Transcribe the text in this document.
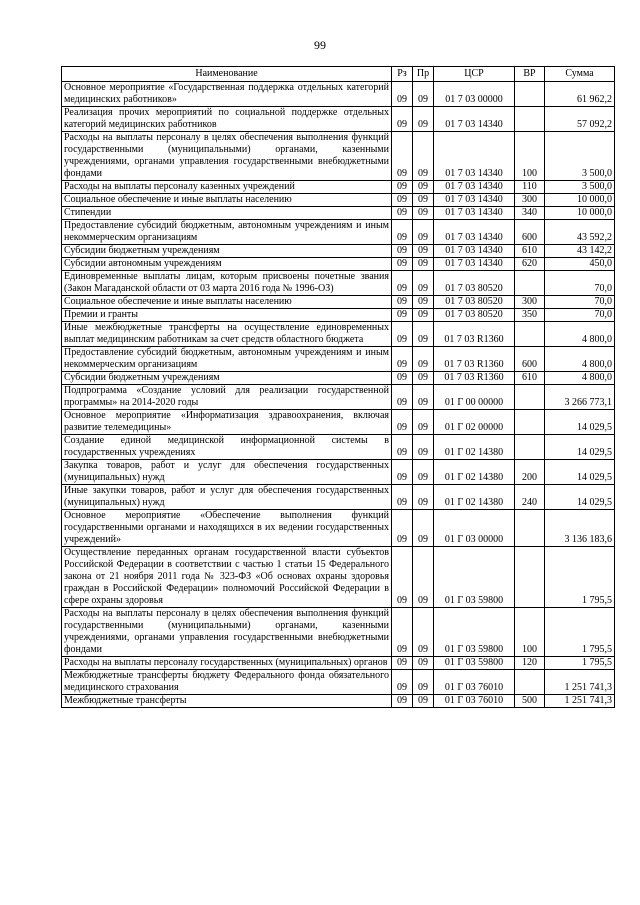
99
Наименование	Рз	Пр	ЦСР	ВР	Сумма
Основное мероприятие «Государственная поддержка отдельных категорий медицинских работников»	09	09	01 7 03 00000		61 962,2
Реализация прочих мероприятий по социальной поддержке отдельных категорий медицинских работников	09	09	01 7 03 14340		57 092,2
Расходы на выплаты персоналу в целях обеспечения выполнения функций государственными (муниципальными) органами, казенными учреждениями, органами управления государственными внебюджетными фондами	09	09	01 7 03 14340	100	3 500,0
Расходы на выплаты персоналу казенных учреждений	09	09	01 7 03 14340	110	3 500,0
Социальное обеспечение и иные выплаты населению	09	09	01 7 03 14340	300	10 000,0
Стипендии	09	09	01 7 03 14340	340	10 000,0
Предоставление субсидий бюджетным, автономным учреждениям и иным некоммерческим организациям	09	09	01 7 03 14340	600	43 592,2
Субсидии бюджетным учреждениям	09	09	01 7 03 14340	610	43 142,2
Субсидии автономным учреждениям	09	09	01 7 03 14340	620	450,0
Единовременные выплаты лицам, которым присвоены почетные звания (Закон Магаданской области от 03 марта 2016 года № 1996-ОЗ)	09	09	01 7 03 80520		70,0
Социальное обеспечение и иные выплаты населению	09	09	01 7 03 80520	300	70,0
Премии и гранты	09	09	01 7 03 80520	350	70,0
Иные межбюджетные трансферты на осуществление единовременных выплат медицинским работникам за счет средств областного бюджета	09	09	01 7 03 R1360		4 800,0
Предоставление субсидий бюджетным, автономным учреждениям и иным некоммерческим организациям	09	09	01 7 03 R1360	600	4 800,0
Субсидии бюджетным учреждениям	09	09	01 7 03 R1360	610	4 800,0
Подпрограмма «Создание условий для реализации государственной программы» на 2014-2020 годы	09	09	01 Г 00 00000		3 266 773,1
Основное мероприятие «Информатизация здравоохранения, включая развитие телемедицины»	09	09	01 Г 02 00000		14 029,5
Создание единой медицинской информационной системы в государственных учреждениях	09	09	01 Г 02 14380		14 029,5
Закупка товаров, работ и услуг для обеспечения государственных (муниципальных) нужд	09	09	01 Г 02 14380	200	14 029,5
Иные закупки товаров, работ и услуг для обеспечения государственных (муниципальных) нужд	09	09	01 Г 02 14380	240	14 029,5
Основное мероприятие «Обеспечение выполнения функций государственными органами и находящихся в их ведении государственных учреждений»	09	09	01 Г 03 00000		3 136 183,6
Осуществление переданных органам государственной власти субъектов Российской Федерации в соответствии с частью 1 статьи 15 Федерального закона от 21 ноября 2011 года № 323-ФЗ «Об основах охраны здоровья граждан в Российской Федерации» полномочий Российской Федерации в сфере охраны здоровья	09	09	01 Г 03 59800		1 795,5
Расходы на выплаты персоналу в целях обеспечения выполнения функций государственными (муниципальными) органами, казенными учреждениями, органами управления государственными внебюджетными фондами	09	09	01 Г 03 59800	100	1 795,5
Расходы на выплаты персоналу государственных (муниципальных) органов	09	09	01 Г 03 59800	120	1 795,5
Межбюджетные трансферты бюджету Федерального фонда обязательного медицинского страхования	09	09	01 Г 03 76010		1 251 741,3
Межбюджетные трансферты	09	09	01 Г 03 76010	500	1 251 741,3
